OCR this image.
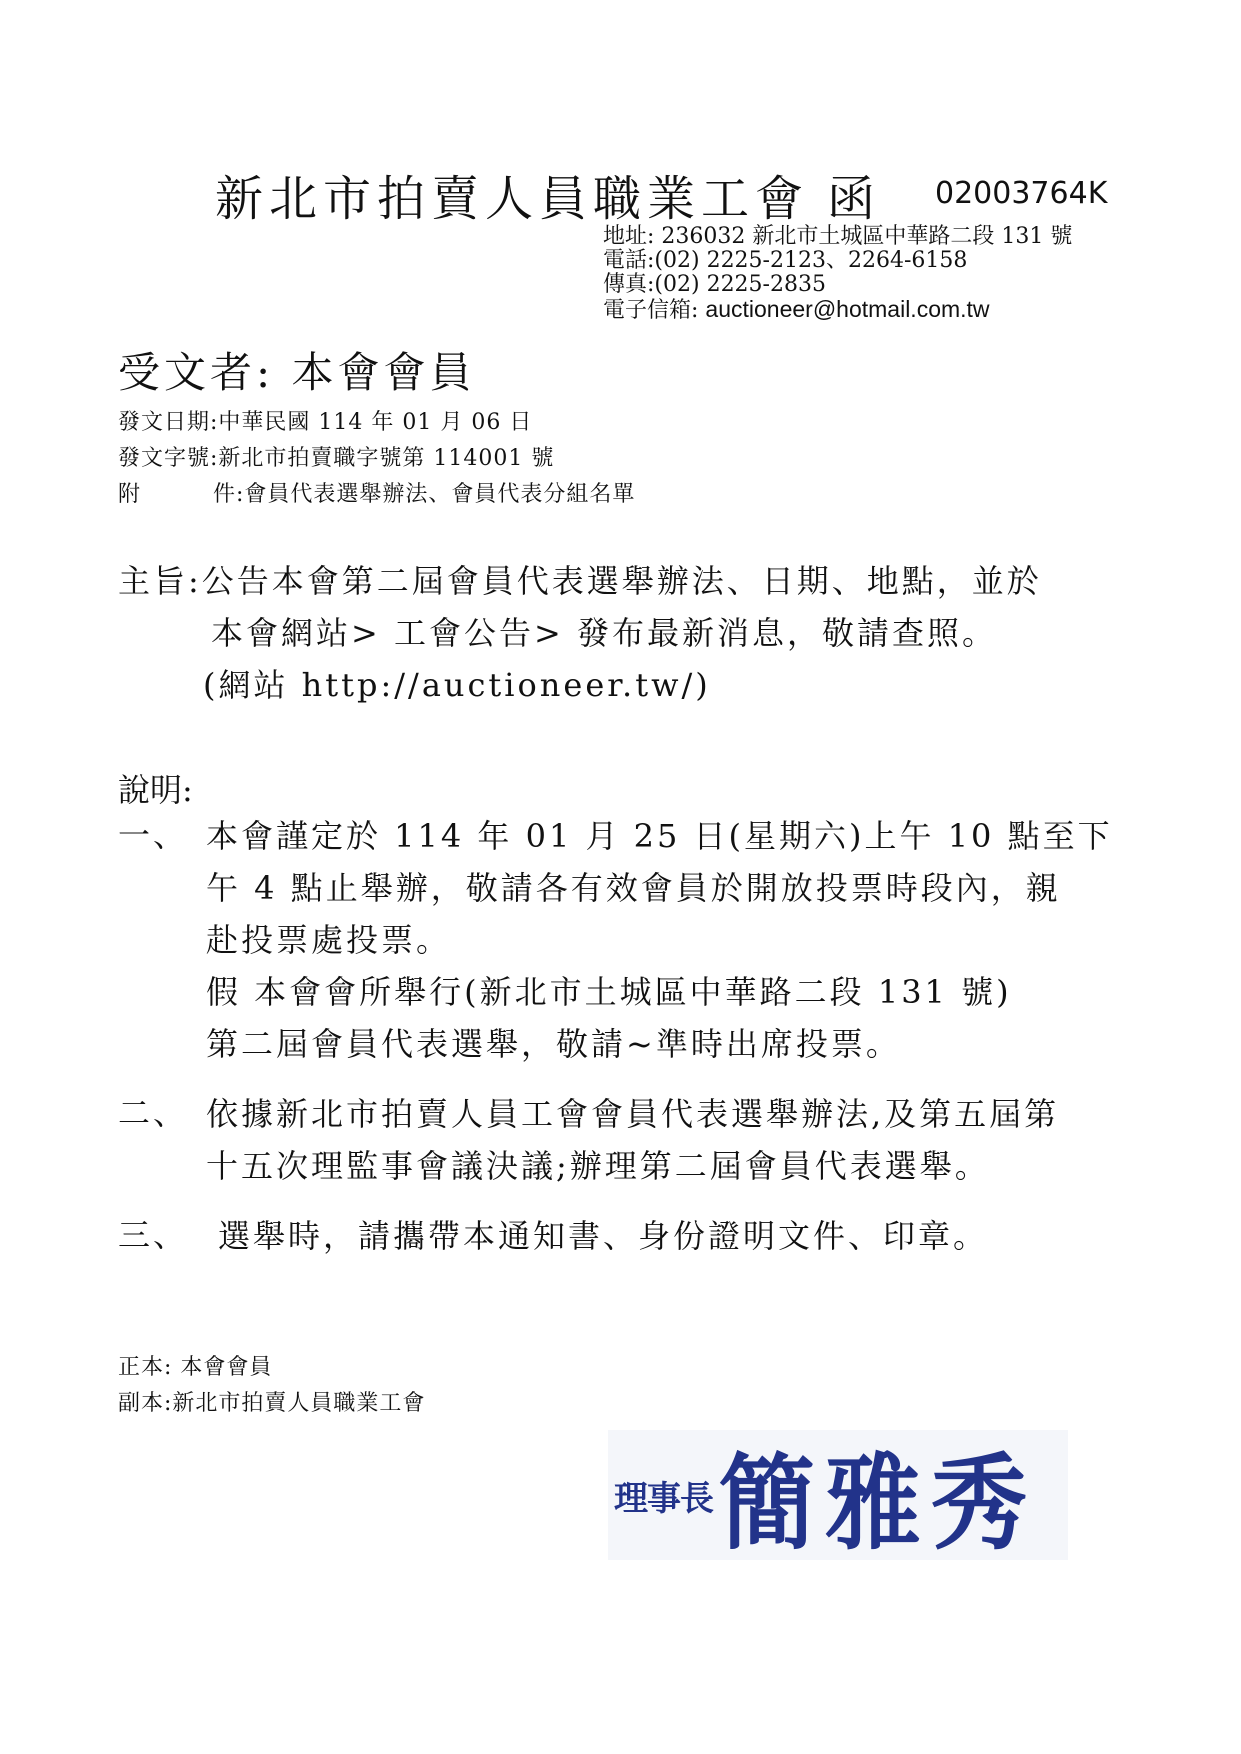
新北市拍賣人員職業工會 函 02003764K
地址: 236032 新北市土城區中華路二段 131 號
電話:(02) 2225-2123、2264-6158
傳真:(02) 2225-2835
電子信箱: auctioneer@hotmail.com.tw
受文者: 本會會員
發文日期:中華民國 114 年 01 月 06 日
發文字號:新北市拍賣職字號第 114001 號
附	件 :會員代表選舉辦法、會員代表分組名單
主旨:公告本會第二屆會員代表選舉辦法、日期、地點，並於
本會網站> 工會公告> 發布最新消息，敬請查照。
(網站 http://auctioneer.tw/)
說明:
一、 本會謹定於 114 年 01 月 25 日(星期六)上午 10 點至下
午 4 點止舉辦，敬請各有效會員於開放投票時段內，親
赴投票處投票。
假 本會會所舉行(新北市土城區中華路二段 131 號)
第二屆會員代表選舉，敬請~準時出席投票。
二、 依據新北市拍賣人員工會會員代表選舉辦法,及第五屆第
十五次理監事會議決議;辦理第二屆會員代表選舉。
三、 選舉時，請攜帶本通知書、身份證明文件、印章。
正本: 本會會員
副本:新北市拍賣人員職業工會
理事長 簡雅秀
